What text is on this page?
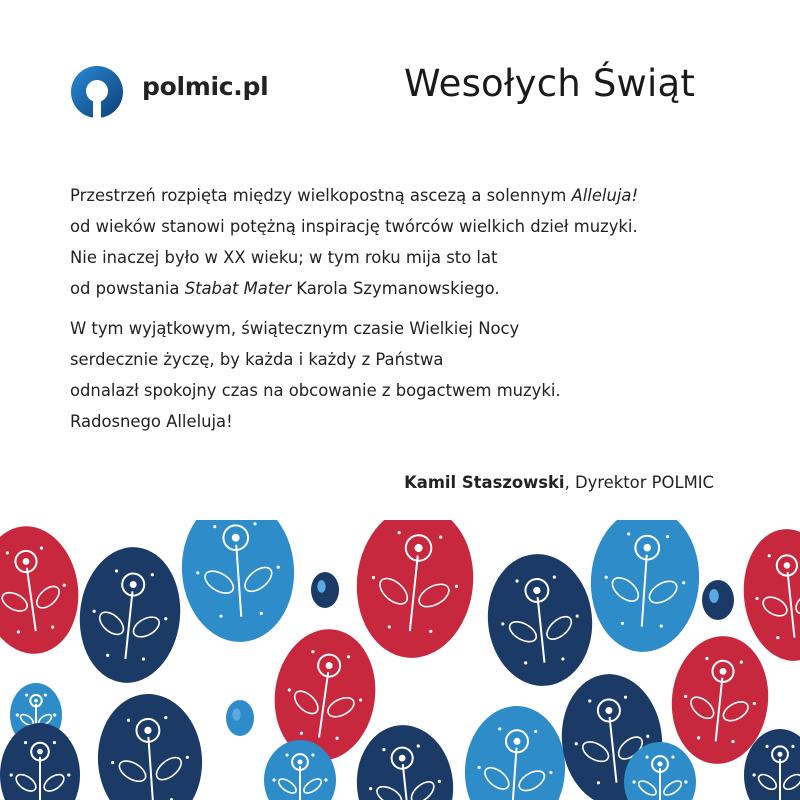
polmic.pl	Wesołych Świąt

Przestrzeń rozpięta między wielkopostną ascezą a solennym Alleluja!
od wieków stanowi potężną inspirację twórców wielkich dzieł muzyki.
Nie inaczej było w XX wieku; w tym roku mija sto lat
od powstania Stabat Mater Karola Szymanowskiego.

W tym wyjątkowym, świątecznym czasie Wielkiej Nocy
serdecznie życzę, by każda i każdy z Państwa
odnalazł spokojny czas na obcowanie z bogactwem muzyki.
Radosnego Alleluja!

Kamil Staszowski, Dyrektor POLMIC
